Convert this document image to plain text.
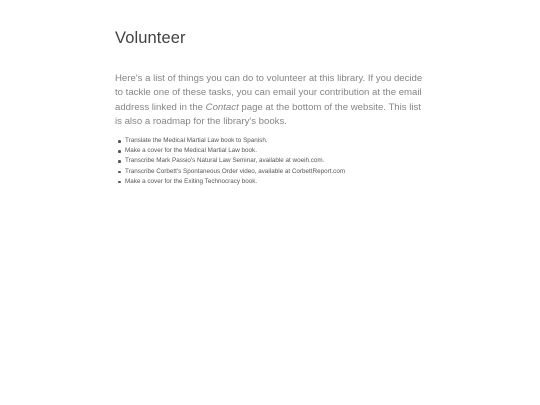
Volunteer

Here's a list of things you can do to volunteer at this library. If you decide to tackle one of these tasks, you can email your contribution at the email address linked in the Contact page at the bottom of the website. This list is also a roadmap for the library's books.

Translate the Medical Martial Law book to Spanish.
Make a cover for the Medical Martial Law book.
Transcribe Mark Passio's Natural Law Seminar, available at woeih.com.
Transcribe Corbett's Spontaneous Order video, available at CorbettReport.com
Make a cover for the Exiting Technocracy book.
